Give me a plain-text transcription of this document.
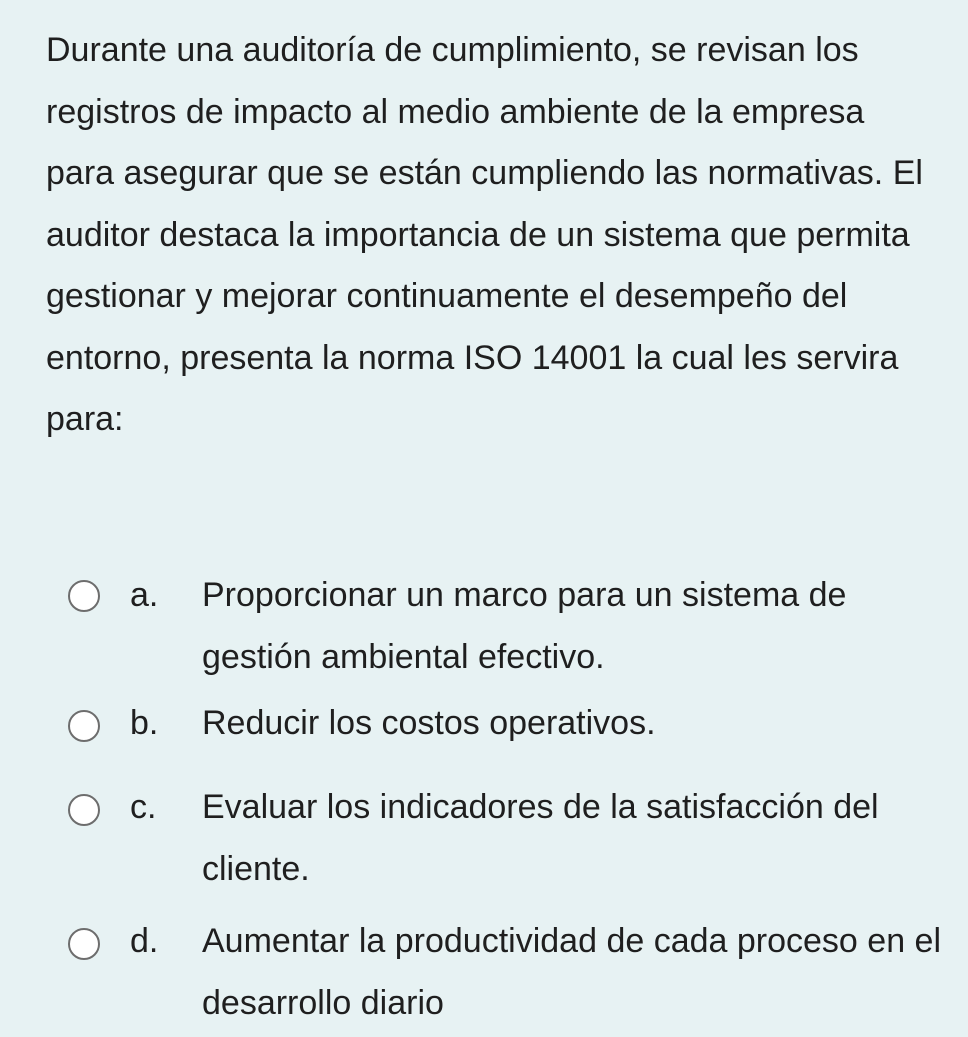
Durante una auditoría de cumplimiento, se revisan los registros de impacto al medio ambiente de la empresa para asegurar que se están cumpliendo las normativas. El auditor destaca la importancia de un sistema que permita gestionar y mejorar continuamente el desempeño del entorno, presenta la norma ISO 14001 la cual les servira para:

a. Proporcionar un marco para un sistema de gestión ambiental efectivo.
b. Reducir los costos operativos.
c. Evaluar los indicadores de la satisfacción del cliente.
d. Aumentar la productividad de cada proceso en el desarrollo diario
